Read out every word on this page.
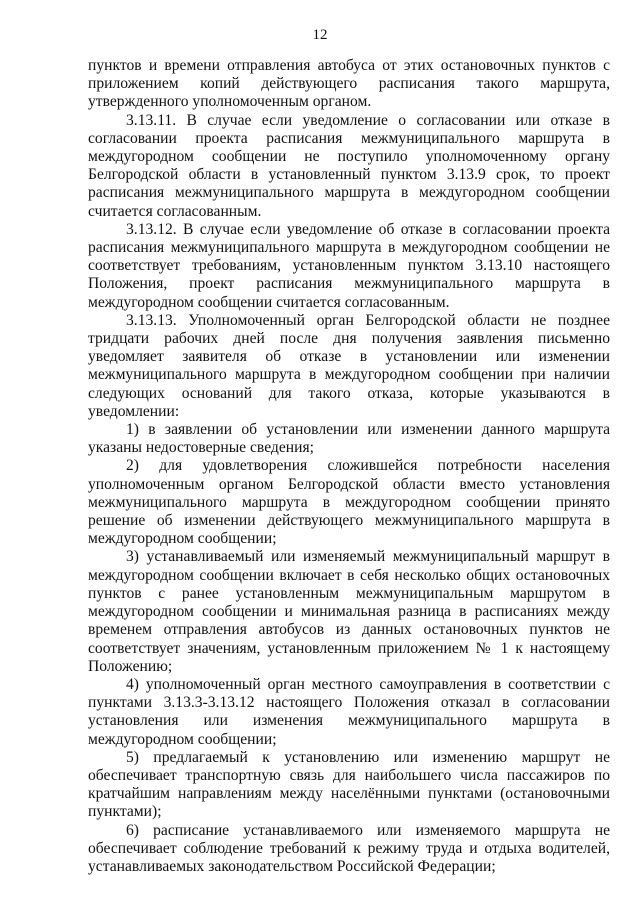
12

пунктов и времени отправления автобуса от этих остановочных пунктов с приложением копий действующего расписания такого маршрута, утвержденного уполномоченным органом.

3.13.11. В случае если уведомление о согласовании или отказе в согласовании проекта расписания межмуниципального маршрута в междугородном сообщении не поступило уполномоченному органу Белгородской области в установленный пунктом 3.13.9 срок, то проект расписания межмуниципального маршрута в междугородном сообщении считается согласованным.

3.13.12. В случае если уведомление об отказе в согласовании проекта расписания межмуниципального маршрута в междугородном сообщении не соответствует требованиям, установленным пунктом 3.13.10 настоящего Положения, проект расписания межмуниципального маршрута в междугородном сообщении считается согласованным.

3.13.13. Уполномоченный орган Белгородской области не позднее тридцати рабочих дней после дня получения заявления письменно уведомляет заявителя об отказе в установлении или изменении межмуниципального маршрута в междугородном сообщении при наличии следующих оснований для такого отказа, которые указываются в уведомлении:

1) в заявлении об установлении или изменении данного маршрута указаны недостоверные сведения;

2) для удовлетворения сложившейся потребности населения уполномоченным органом Белгородской области вместо установления межмуниципального маршрута в междугородном сообщении принято решение об изменении действующего межмуниципального маршрута в междугородном сообщении;

3) устанавливаемый или изменяемый межмуниципальный маршрут в междугородном сообщении включает в себя несколько общих остановочных пунктов с ранее установленным межмуниципальным маршрутом в междугородном сообщении и минимальная разница в расписаниях между временем отправления автобусов из данных остановочных пунктов не соответствует значениям, установленным приложением № 1 к настоящему Положению;

4) уполномоченный орган местного самоуправления в соответствии с пунктами 3.13.3-3.13.12 настоящего Положения отказал в согласовании установления или изменения межмуниципального маршрута в междугородном сообщении;

5) предлагаемый к установлению или изменению маршрут не обеспечивает транспортную связь для наибольшего числа пассажиров по кратчайшим направлениям между населёнными пунктами (остановочными пунктами);

6) расписание устанавливаемого или изменяемого маршрута не обеспечивает соблюдение требований к режиму труда и отдыха водителей, устанавливаемых законодательством Российской Федерации;
